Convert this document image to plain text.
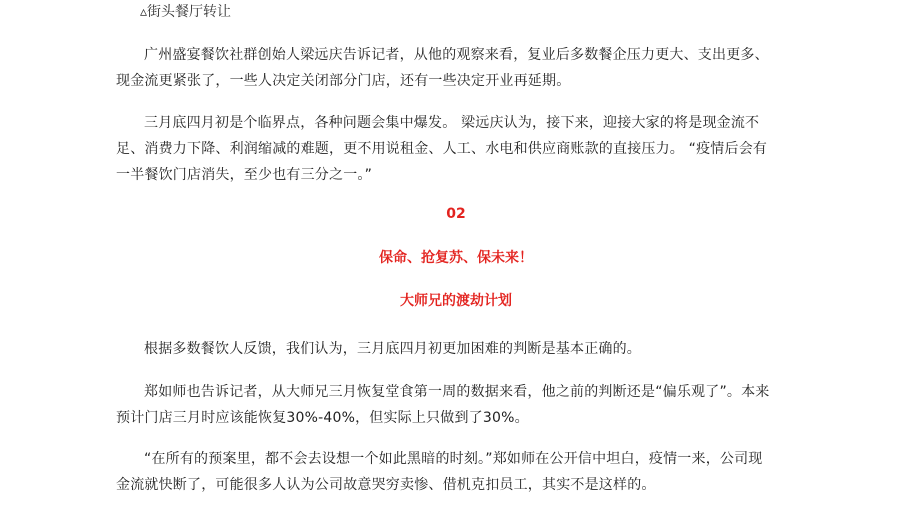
▵街头餐厅转让

广州盛宴餐饮社群创始人梁远庆告诉记者，从他的观察来看，复业后多数餐企压力更大、支出更多、现金流更紧张了，一些人决定关闭部分门店，还有一些决定开业再延期。

三月底四月初是个临界点，各种问题会集中爆发。 梁远庆认为，接下来，迎接大家的将是现金流不足、消费力下降、利润缩减的难题，更不用说租金、人工、水电和供应商账款的直接压力。 “疫情后会有一半餐饮门店消失，至少也有三分之一。”

02
保命、抢复苏、保未来！
大师兄的渡劫计划

根据多数餐饮人反馈，我们认为，三月底四月初更加困难的判断是基本正确的。

郑如师也告诉记者，从大师兄三月恢复堂食第一周的数据来看，他之前的判断还是“偏乐观了”。本来预计门店三月时应该能恢复30%-40%，但实际上只做到了30%。

“在所有的预案里，都不会去设想一个如此黑暗的时刻。”郑如师在公开信中坦白，疫情一来，公司现金流就快断了，可能很多人认为公司故意哭穷卖惨、借机克扣员工，其实不是这样的。
